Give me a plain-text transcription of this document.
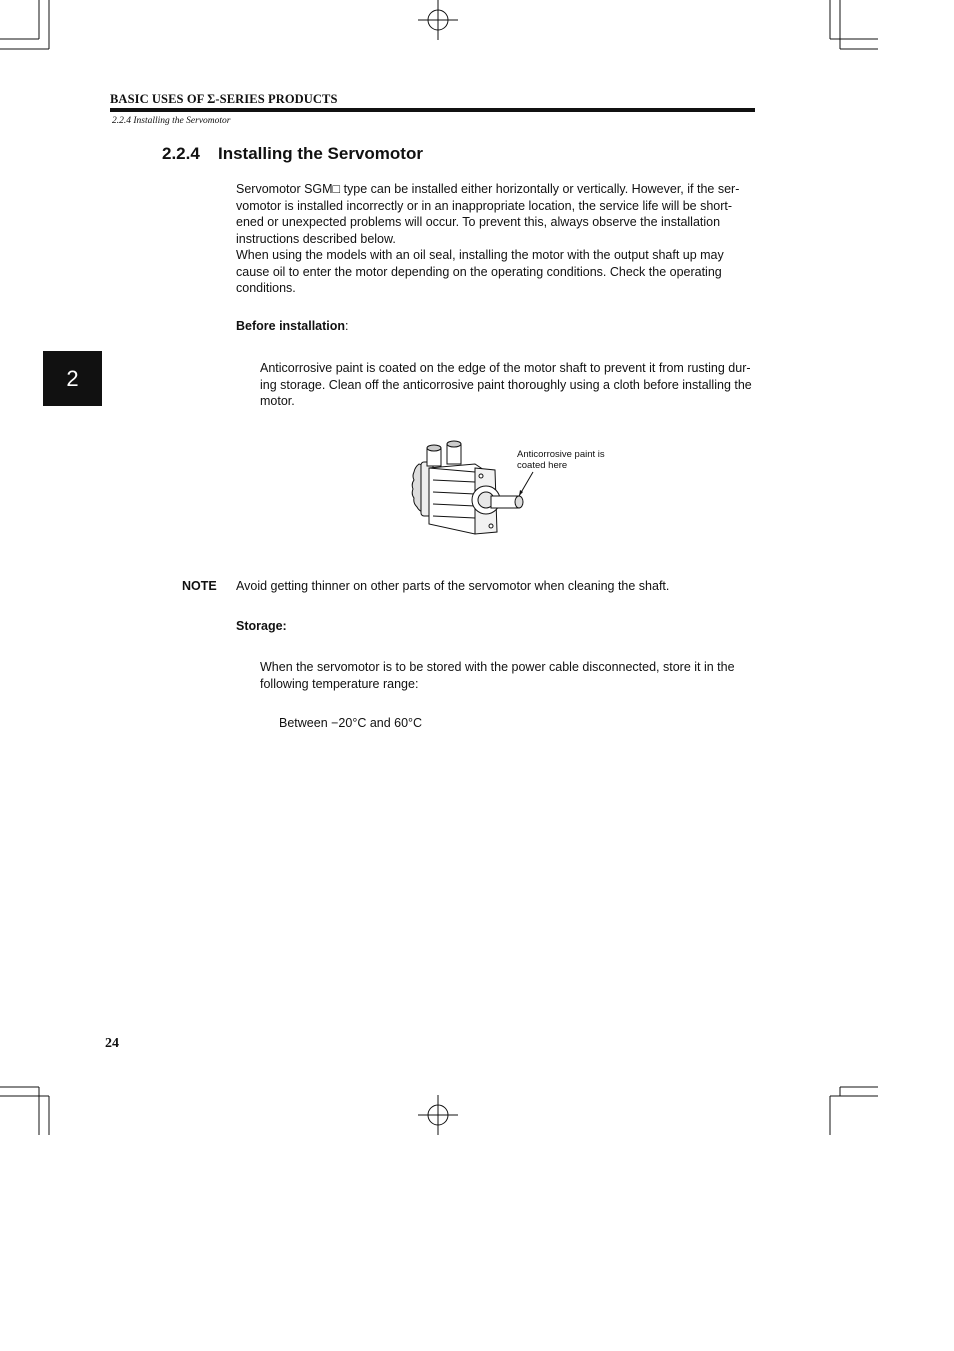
BASIC USES OF Σ-SERIES PRODUCTS
2.2.4 Installing the Servomotor
2
2.2.4 Installing the Servomotor
Servomotor SGM□ type can be installed either horizontally or vertically. However, if the ser-
vomotor is installed incorrectly or in an inappropriate location, the service life will be short-
ened or unexpected problems will occur. To prevent this, always observe the installation
instructions described below.
When using the models with an oil seal, installing the motor with the output shaft up may
cause oil to enter the motor depending on the operating conditions. Check the operating
conditions.
Before installation:
Anticorrosive paint is coated on the edge of the motor shaft to prevent it from rusting dur-
ing storage. Clean off the anticorrosive paint thoroughly using a cloth before installing the
motor.
Anticorrosive paint is
coated here
NOTE Avoid getting thinner on other parts of the servomotor when cleaning the shaft.
Storage:
When the servomotor is to be stored with the power cable disconnected, store it in the
following temperature range:
Between −20°C and 60°C
24
